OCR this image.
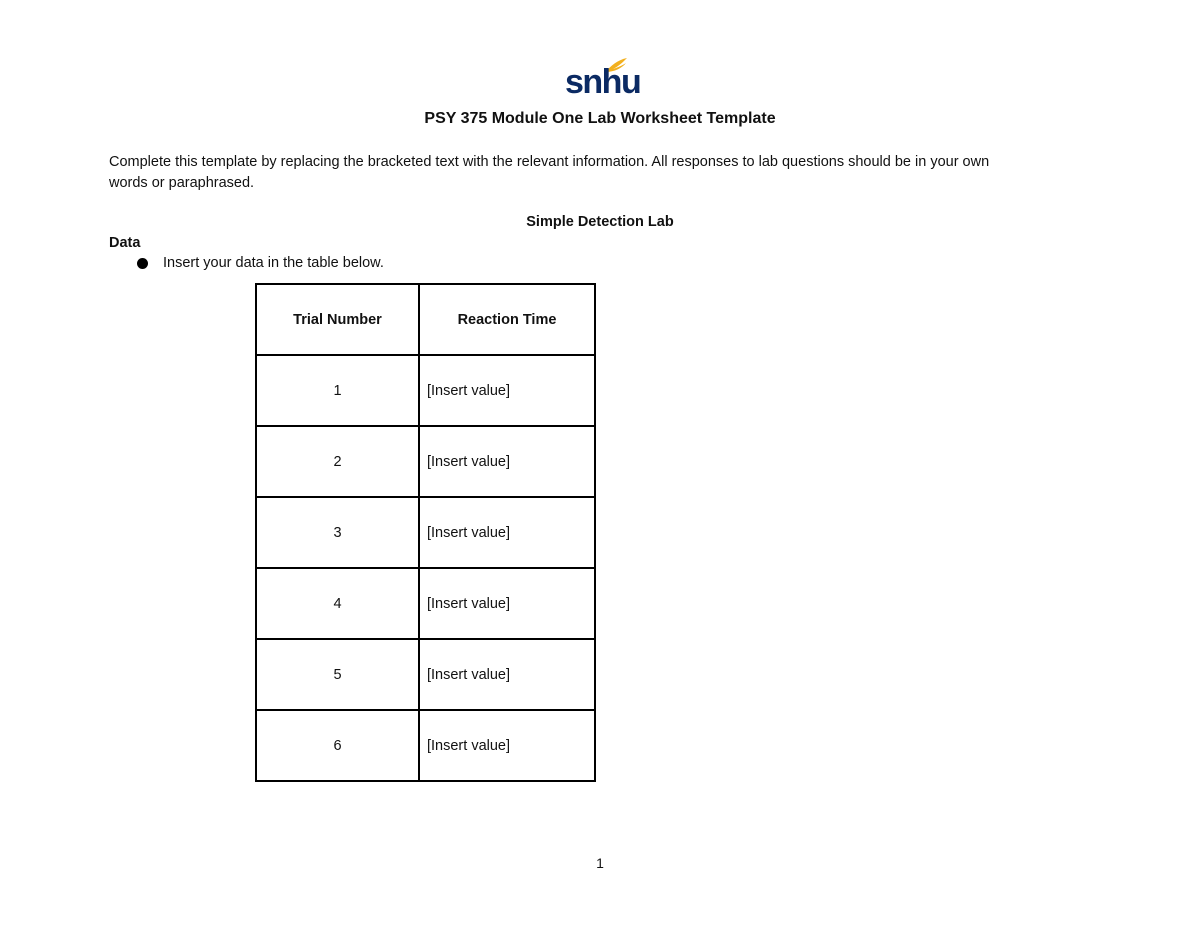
snhu
PSY 375 Module One Lab Worksheet Template
Complete this template by replacing the bracketed text with the relevant information. All responses to lab questions should be in your own
words or paraphrased.
Simple Detection Lab
Data
Insert your data in the table below.
Trial Number	Reaction Time
1	[Insert value]
2	[Insert value]
3	[Insert value]
4	[Insert value]
5	[Insert value]
6	[Insert value]
1
